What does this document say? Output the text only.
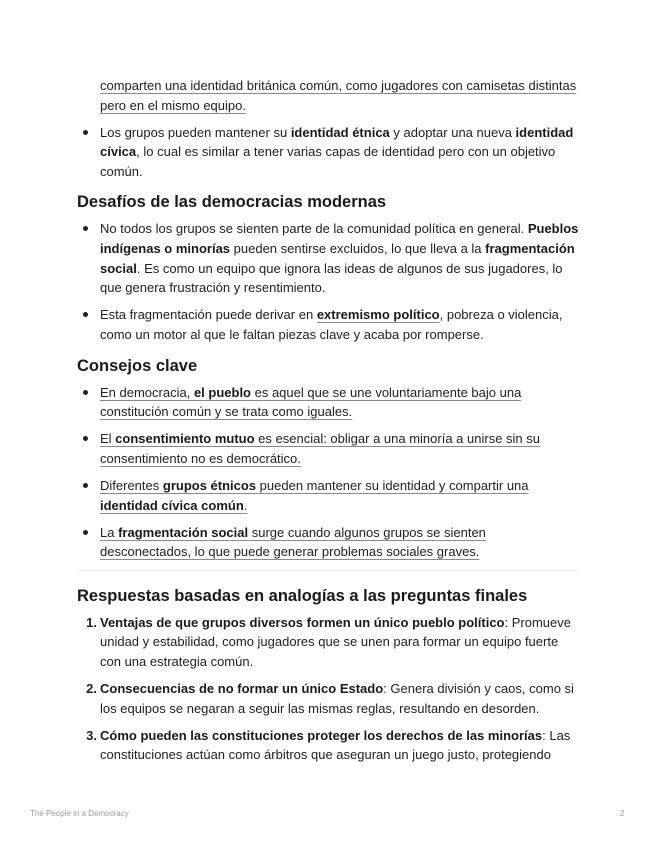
comparten una identidad británica común, como jugadores con camisetas distintas pero en el mismo equipo.
Los grupos pueden mantener su identidad étnica y adoptar una nueva identidad cívica, lo cual es similar a tener varias capas de identidad pero con un objetivo común.
Desafíos de las democracias modernas
No todos los grupos se sienten parte de la comunidad política en general. Pueblos indígenas o minorías pueden sentirse excluidos, lo que lleva a la fragmentación social. Es como un equipo que ignora las ideas de algunos de sus jugadores, lo que genera frustración y resentimiento.
Esta fragmentación puede derivar en extremismo político, pobreza o violencia, como un motor al que le faltan piezas clave y acaba por romperse.
Consejos clave
En democracia, el pueblo es aquel que se une voluntariamente bajo una constitución común y se trata como iguales.
El consentimiento mutuo es esencial: obligar a una minoría a unirse sin su consentimiento no es democrático.
Diferentes grupos étnicos pueden mantener su identidad y compartir una identidad cívica común.
La fragmentación social surge cuando algunos grupos se sienten desconectados, lo que puede generar problemas sociales graves.
Respuestas basadas en analogías a las preguntas finales
1. Ventajas de que grupos diversos formen un único pueblo político: Promueve unidad y estabilidad, como jugadores que se unen para formar un equipo fuerte con una estrategia común.
2. Consecuencias de no formar un único Estado: Genera división y caos, como si los equipos se negaran a seguir las mismas reglas, resultando en desorden.
3. Cómo pueden las constituciones proteger los derechos de las minorías: Las constituciones actúan como árbitros que aseguran un juego justo, protegiendo
The People in a Democracy	2
